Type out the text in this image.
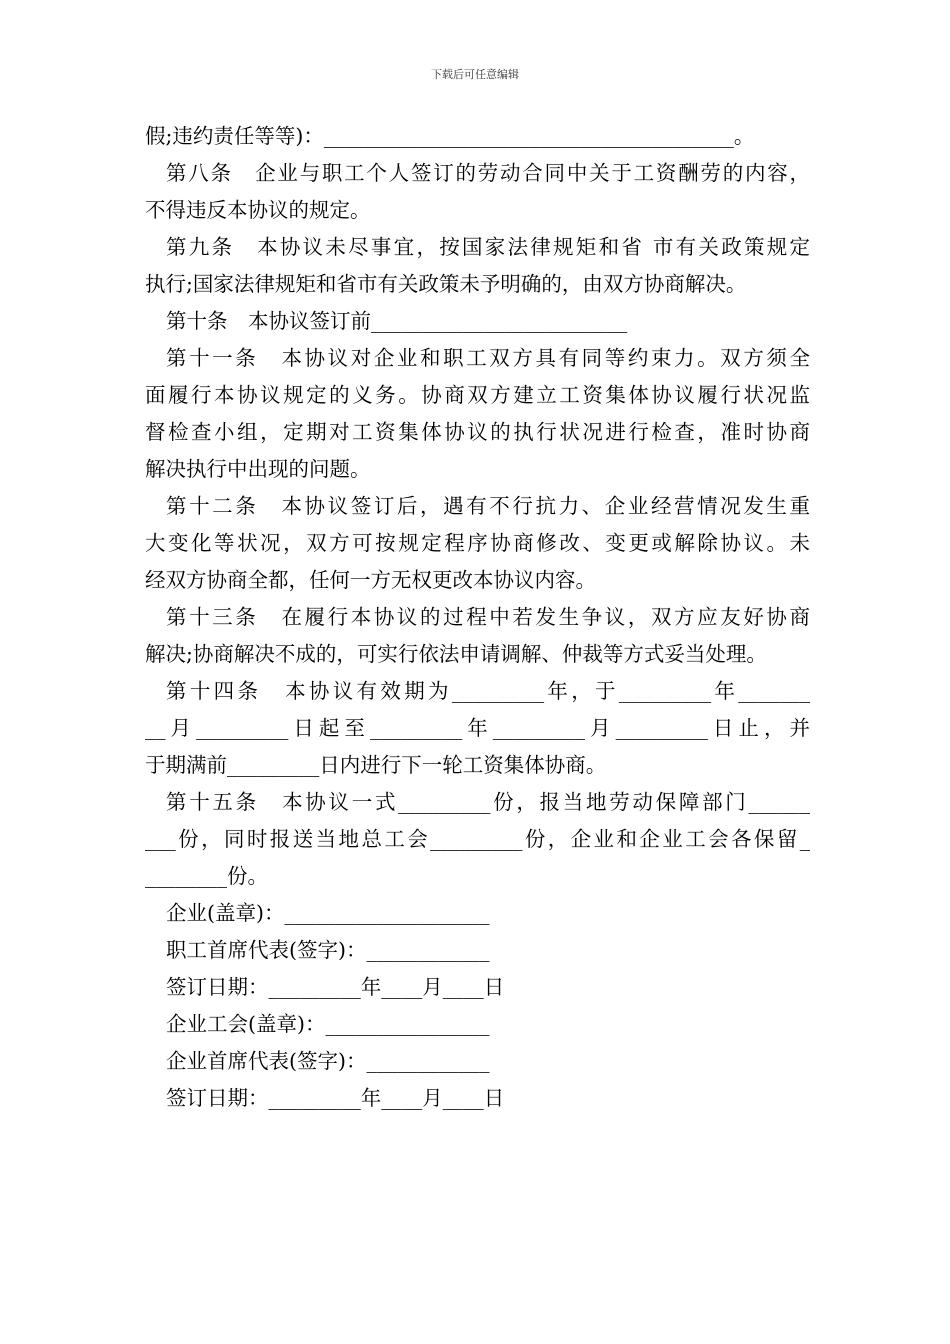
下载后可任意编辑
假;违约责任等等)：________________________________________。
第八条　企业与职工个人签订的劳动合同中关于工资酬劳的内容，
不得违反本协议的规定。
第九条　本协议未尽事宜，按国家法律规矩和省 市有关政策规定
执行;国家法律规矩和省市有关政策未予明确的，由双方协商解决。
第十条　本协议签订前_________________________
第十一条　本协议对企业和职工双方具有同等约束力。双方须全
面履行本协议规定的义务。协商双方建立工资集体协议履行状况监
督检查小组，定期对工资集体协议的执行状况进行检查，准时协商
解决执行中出现的问题。
第十二条　本协议签订后，遇有不行抗力、企业经营情况发生重
大变化等状况，双方可按规定程序协商修改、变更或解除协议。未
经双方协商全都，任何一方无权更改本协议内容。
第十三条　在履行本协议的过程中若发生争议，双方应友好协商
解决;协商解决不成的，可实行依法申请调解、仲裁等方式妥当处理。
第十四条　本协议有效期为_________年，于_________年_______
__月_________日起至_________年_________月_________日止，并
于期满前_________日内进行下一轮工资集体协商。
第十五条　本协议一式_________份，报当地劳动保障部门______
___份，同时报送当地总工会_________份，企业和企业工会各保留_
________份。
企业(盖章)：____________________
职工首席代表(签字)：____________
签订日期：_________年____月____日
企业工会(盖章)：________________
企业首席代表(签字)：____________
签订日期：_________年____月____日
